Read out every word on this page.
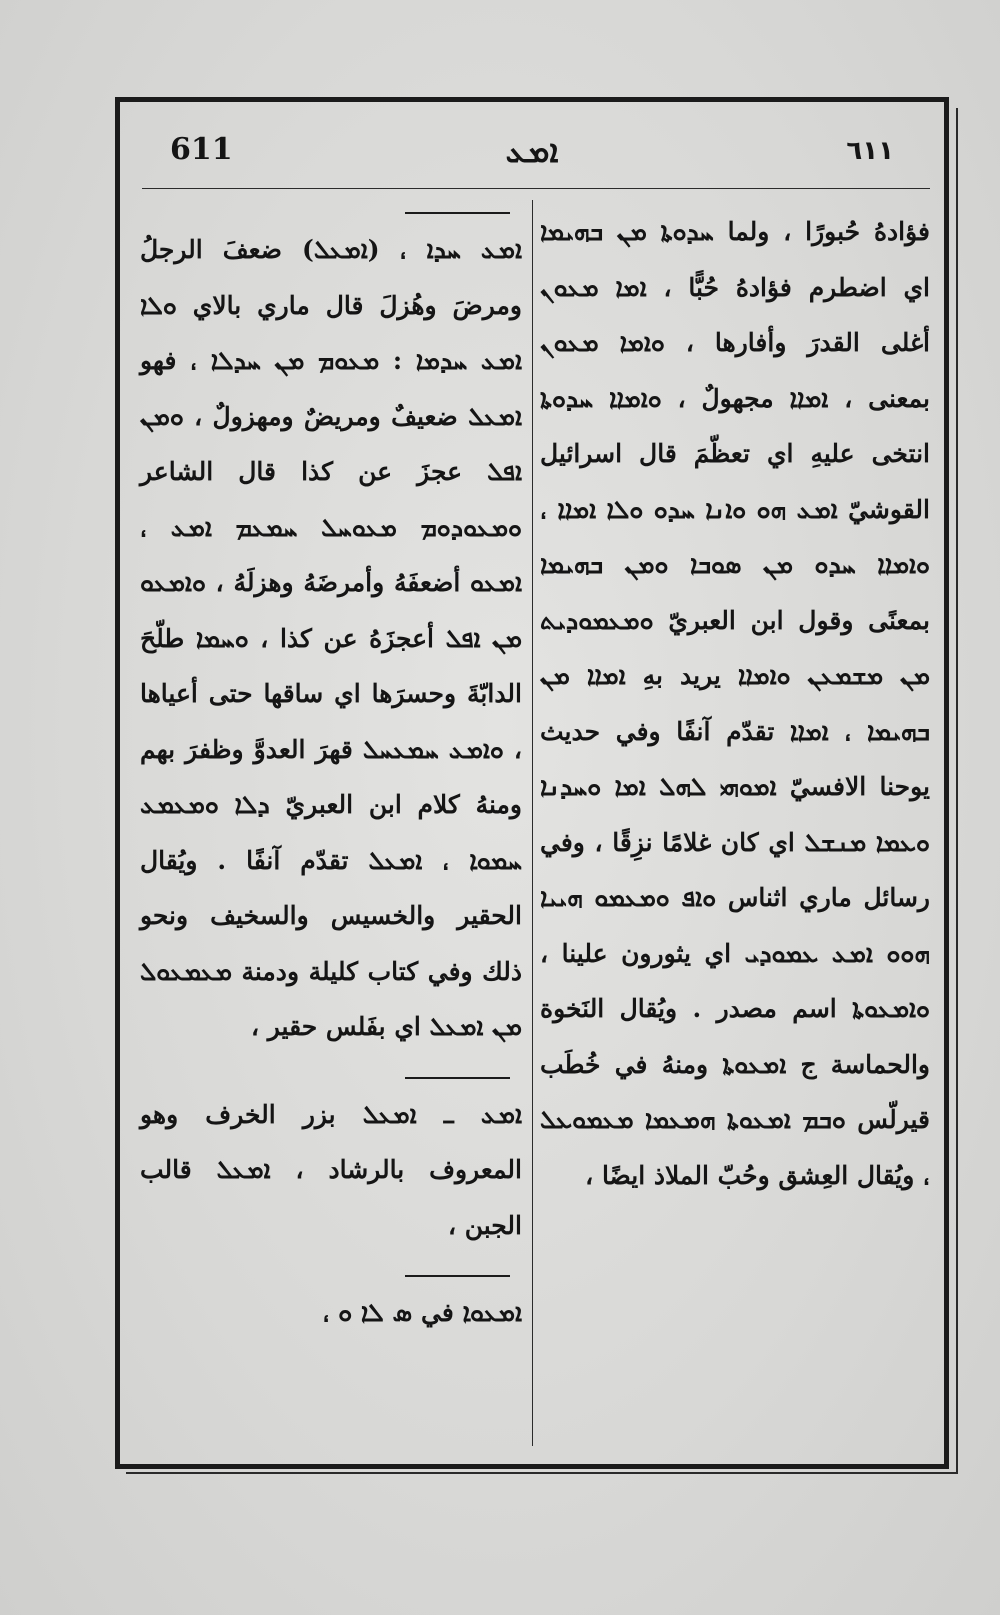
611	ܐܡܥ	٦١١

فؤادهُ حُبورًا ، ولما ܚܕܘܬܐ ܡܢ ܒܗܝܡܐ اي اضطرم فؤادهُ حُبًّا ، ܐܡܐ ܡܥܘܢ أغلى القدرَ وأفارها ، ܘܐܡܐ ܡܥܘܢ بمعنى ، ܐܡܐܐ مجهولٌ ، ܘܐܡܐܐ ܚܕܘܬܐ انتخى عليهِ اي تعظّمَ قال اسرائيل القوشيّ ܐܡܥ ܗܘ ܘܐܢܐ ܚܕܘ ܘܠܐ ܐܡܐܐ ، ܘܐܡܐܐ ܚܕܘ ܡܢ ܣܘܒܐ ܘܡܢ ܒܗܝܡܐ بمعنًى وقول ابن العبريّ ܘܡܥܡܘܕܝܬ ܡܢ ܡܫܡܥܢ ܘܐܡܐܐ يريد بهِ ܐܡܐܐ ܡܢ ܒܗܝܡܐ ، ܐܡܐܐ تقدّم آنفًا وفي حديث يوحنا الافسيّ ܐܡܘܗܝ ܠܗܠ ܐܡܐ ܘܚܕܢܐ ܘܥܡܐ ܡܢܫܠ اي كان غلامًا نزِقًا ، وفي رسائل ماري اثناس ܘܐܦ ܘܡܥܡܘ ܗܝܝܐ ܗܘܘ ܐܡܥ ܥܡܘܕܝ اي يثورون علينا ، ܘܐܡܥܘܬܐ اسم مصدر . ويُقال النَخوة والحماسة ج ܐܡܥܘܬܐ ومنهُ في خُطَب قيرلّس ܘܒܡ ܐܡܥܘܬܐ ܗܡܥܡܐ ܡܥܡܘܥܠ ، ويُقال العِشق وحُبّ الملاذ ايضًا ،

ܐܡܥ ܚܕܐ ، (ܐܡܥܠ) ضعفَ الرجلُ ومرضَ وهُزلَ قال ماري بالاي ܘܠܐ ܐܡܥ ܚܕܡܐ : ܡܥܘܡ ܡܢ ܚܕܠܐ ، فهو ܐܡܥܠ ضعيفٌ ومريضٌ ومهزولٌ ، ܘܡܢ ܐܦܠ عجزَ عن كذا قال الشاعر ܘܡܥܘܕܘܡ ܡܥܘܚܠ ܚܡܥܡ ܐܡܥ ، ܐܡܥܘ أضعفَهُ وأمرضَهُ وهزلَهُ ، ܘܐܡܥܘ ܡܢ ܐܦܠ أعجزَهُ عن كذا ، ܘܚܡܐ طلّحَ الدابّةَ وحسرَها اي ساقها حتى أعياها ، ܘܐܡܥ ܚܡܥܚܠ قهرَ العدوَّ وظفرَ بهم ومنهُ كلام ابن العبريّ ܕܠܐ ܘܡܥܡܥ ܚܡܘܐ ، ܐܡܥܠ تقدّم آنفًا . ويُقال الحقير والخسيس والسخيف ونحو ذلك وفي كتاب كليلة ودمنة ܡܥܡܥܘܠ ܡܢ ܐܡܥܠ اي بفَلس حقير ،

ܐܡܥ ـ ܐܡܥܠ بزر الخرف وهو المعروف بالرشاد ، ܐܡܥܠ قالب الجبن ،

ܐܡܥܘܐ في ܣ ܠܐ ܘ ،
